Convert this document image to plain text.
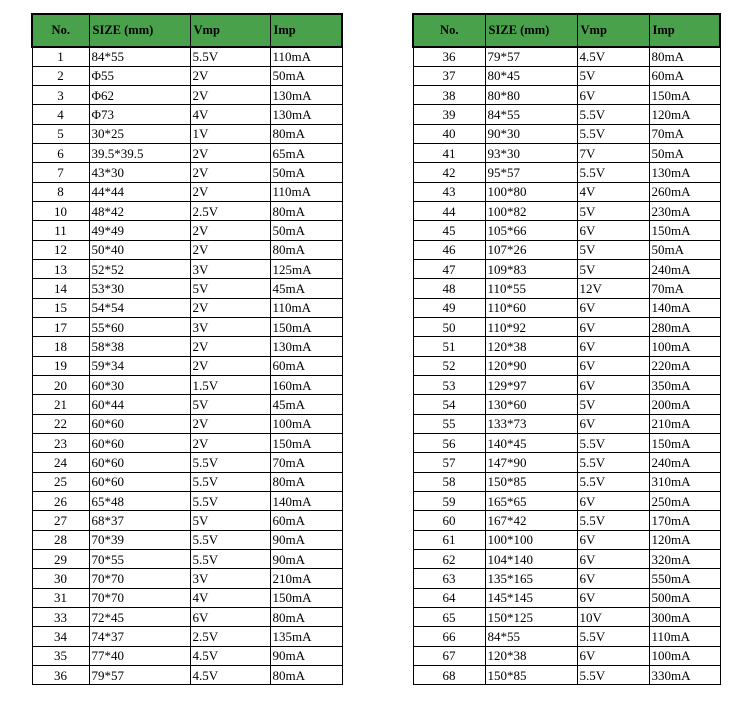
No.	SIZE (mm)	Vmp	Imp
1	84*55	5.5V	110mA
2	Φ55	2V	50mA
3	Φ62	2V	130mA
4	Φ73	4V	130mA
5	30*25	1V	80mA
6	39.5*39.5	2V	65mA
7	43*30	2V	50mA
8	44*44	2V	110mA
10	48*42	2.5V	80mA
11	49*49	2V	50mA
12	50*40	2V	80mA
13	52*52	3V	125mA
14	53*30	5V	45mA
15	54*54	2V	110mA
17	55*60	3V	150mA
18	58*38	2V	130mA
19	59*34	2V	60mA
20	60*30	1.5V	160mA
21	60*44	5V	45mA
22	60*60	2V	100mA
23	60*60	2V	150mA
24	60*60	5.5V	70mA
25	60*60	5.5V	80mA
26	65*48	5.5V	140mA
27	68*37	5V	60mA
28	70*39	5.5V	90mA
29	70*55	5.5V	90mA
30	70*70	3V	210mA
31	70*70	4V	150mA
33	72*45	6V	80mA
34	74*37	2.5V	135mA
35	77*40	4.5V	90mA
36	79*57	4.5V	80mA
No.	SIZE (mm)	Vmp	Imp
36	79*57	4.5V	80mA
37	80*45	5V	60mA
38	80*80	6V	150mA
39	84*55	5.5V	120mA
40	90*30	5.5V	70mA
41	93*30	7V	50mA
42	95*57	5.5V	130mA
43	100*80	4V	260mA
44	100*82	5V	230mA
45	105*66	6V	150mA
46	107*26	5V	50mA
47	109*83	5V	240mA
48	110*55	12V	70mA
49	110*60	6V	140mA
50	110*92	6V	280mA
51	120*38	6V	100mA
52	120*90	6V	220mA
53	129*97	6V	350mA
54	130*60	5V	200mA
55	133*73	6V	210mA
56	140*45	5.5V	150mA
57	147*90	5.5V	240mA
58	150*85	5.5V	310mA
59	165*65	6V	250mA
60	167*42	5.5V	170mA
61	100*100	6V	120mA
62	104*140	6V	320mA
63	135*165	6V	550mA
64	145*145	6V	500mA
65	150*125	10V	300mA
66	84*55	5.5V	110mA
67	120*38	6V	100mA
68	150*85	5.5V	330mA
